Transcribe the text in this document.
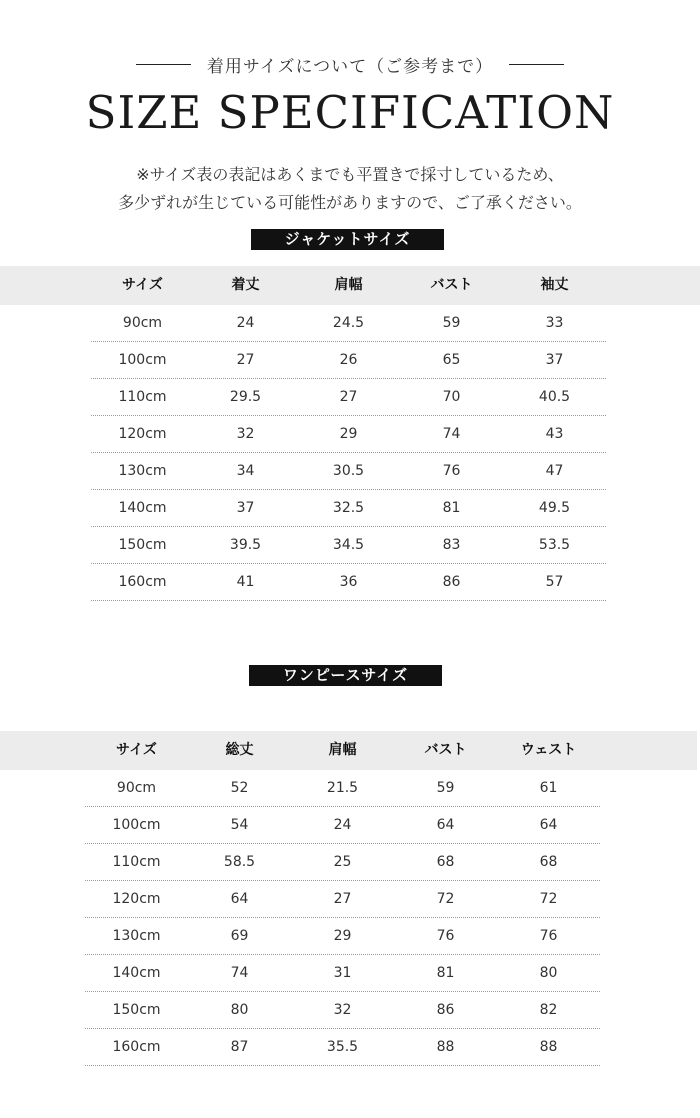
着用サイズについて（ご参考まで）
SIZE SPECIFICATION
※サイズ表の表記はあくまでも平置きで採寸しているため、
多少ずれが生じている可能性がありますので、ご了承ください。
ジャケットサイズ
サイズ	着丈	肩幅	バスト	袖丈
90cm	24	24.5	59	33
100cm	27	26	65	37
110cm	29.5	27	70	40.5
120cm	32	29	74	43
130cm	34	30.5	76	47
140cm	37	32.5	81	49.5
150cm	39.5	34.5	83	53.5
160cm	41	36	86	57
ワンピースサイズ
サイズ	総丈	肩幅	バスト	ウェスト
90cm	52	21.5	59	61
100cm	54	24	64	64
110cm	58.5	25	68	68
120cm	64	27	72	72
130cm	69	29	76	76
140cm	74	31	81	80
150cm	80	32	86	82
160cm	87	35.5	88	88
